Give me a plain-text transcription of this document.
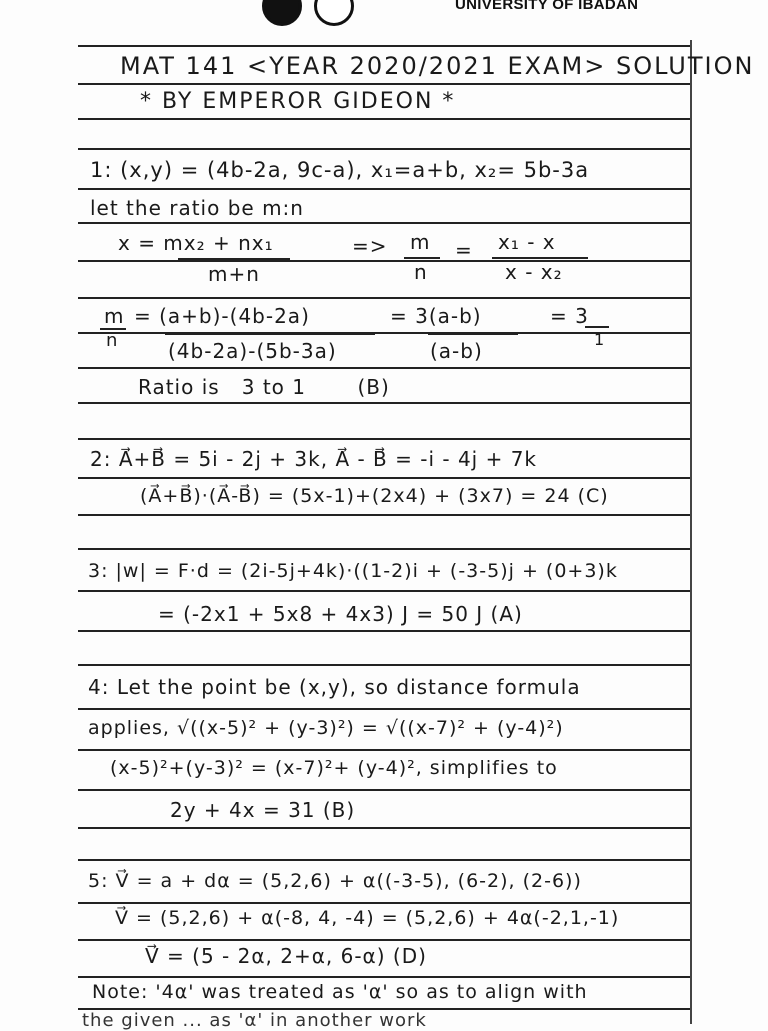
UNIVERSITY OF IBADAN
MAT 141 <YEAR 2020/2021 EXAM> SOLUTION
* BY EMPEROR GIDEON *
1: (x,y) = (4b-2a, 9c-a), x₁=a+b, x₂= 5b-3a
let the ratio be m:n
x = mx₂ + nx₁
m+n
=> m
n
= x₁ - x
x - x₂
m
n
= (a+b)-(4b-2a)
(4b-2a)-(5b-3a)
= 3(a-b)
(a-b)
= 3
1
Ratio is   3 to 1       (B)
2: A⃗+B⃗ = 5i - 2j + 3k, A⃗ - B⃗ = -i - 4j + 7k
(A⃗+B⃗)·(A⃗-B⃗) = (5x-1)+(2x4) + (3x7) = 24 (C)
3: |w| = F·d = (2i-5j+4k)·((1-2)i + (-3-5)j + (0+3)k
= (-2x1 + 5x8 + 4x3) J = 50 J (A)
4: Let the point be (x,y), so distance formula
applies, √((x-5)² + (y-3)²) = √((x-7)² + (y-4)²)
(x-5)²+(y-3)² = (x-7)²+ (y-4)², simplifies to
2y + 4x = 31 (B)
5: V⃗ = a + dα = (5,2,6) + α((-3-5), (6-2), (2-6))
V⃗ = (5,2,6) + α(-8, 4, -4) = (5,2,6) + 4α(-2,1,-1)
V⃗ = (5 - 2α, 2+α, 6-α) (D)
Note: '4α' was treated as 'α' so as to align with
the given ... as 'α' in another work
